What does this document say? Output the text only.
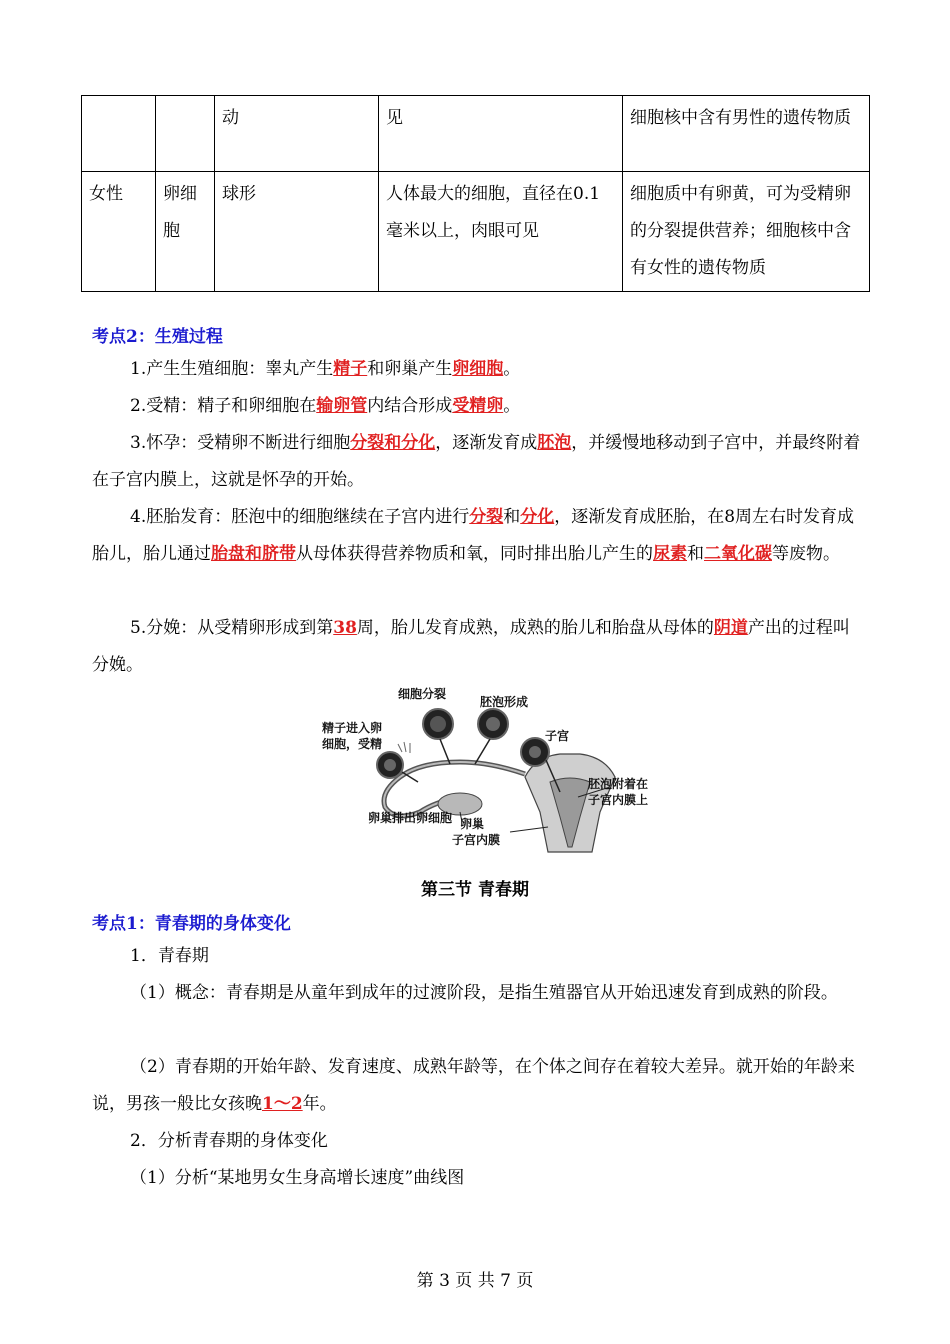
		动	见	细胞核中含有男性的遗传物质
女性	卵细胞	球形	人体最大的细胞，直径在0.1毫米以上，肉眼可见	细胞质中有卵黄，可为受精卵的分裂提供营养；细胞核中含有女性的遗传物质
考点2：生殖过程
1.产生生殖细胞：睾丸产生精子和卵巢产生卵细胞。
2.受精：精子和卵细胞在输卵管内结合形成受精卵。
3.怀孕：受精卵不断进行细胞分裂和分化，逐渐发育成胚泡，并缓慢地移动到子宫中，并最终附着在子宫内膜上，这就是怀孕的开始。
4.胚胎发育：胚泡中的细胞继续在子宫内进行分裂和分化，逐渐发育成胚胎，在8周左右时发育成胎儿，胎儿通过胎盘和脐带从母体获得营养物质和氧，同时排出胎儿产生的尿素和二氧化碳等废物。
5.分娩：从受精卵形成到第38周，胎儿发育成熟，成熟的胎儿和胎盘从母体的阴道产出的过程叫分娩。
细胞分裂
胚泡形成
精子进入卵
细胞，受精
子宫
胚泡附着在
子宫内膜上
卵巢排出卵细胞 卵巢
子宫内膜
第三节 青春期
考点1：青春期的身体变化
1．青春期
（1）概念：青春期是从童年到成年的过渡阶段，是指生殖器官从开始迅速发育到成熟的阶段。
（2）青春期的开始年龄、发育速度、成熟年龄等，在个体之间存在着较大差异。就开始的年龄来说，男孩一般比女孩晚1～2年。
2．分析青春期的身体变化
（1）分析“某地男女生身高增长速度”曲线图
第 3 页 共 7 页
